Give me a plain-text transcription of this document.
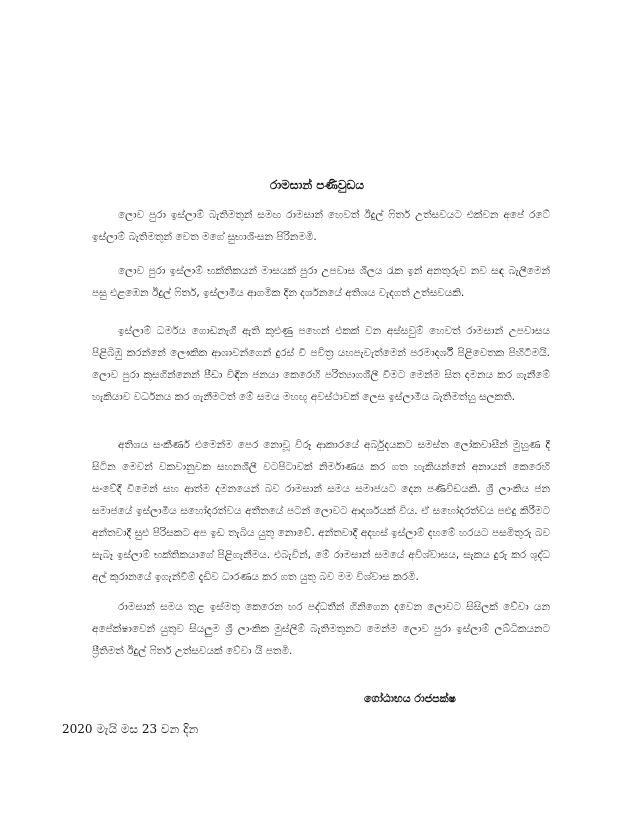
රාමසාන් පණිවුඩය

ලොව පුරා ඉස්ලාම් බැතිමතුන් සමඟ රාමසාන් හෙවත් ඊදුල් ෆිතර් උත්සවයට එක්වන අපේ රටේ ඉස්ලාම් බැතිමතුන් වෙත මගේ සුභාශිංසන පිරිනමමි.

ලොව පුරා ඉස්ලාම් භක්තිකයන් මාසයක් පුරා උපවාස ශීලය රැක ඉන් අනතුරුව නව සඳ බැලීමෙන් පසු එළඹෙන ඊදුල් ෆිතර්, ඉස්ලාමීය ආගමික දින දර්ශනයේ අතිශය වැදගත් උත්සවයකි.

ඉස්ලාම් ධර්මය ගොඩනැගී ඇති කුළුණු පහෙන් එකක් වන අස්සවුම් හෙවත් රාමසාන් උපවාසය පිළිබිඹු කරන්නේ ලෞකික ආශාවන්ගෙන් දුරස් වී පවිත්‍ර යහපැවැත්මෙන් පරමාදර්ශී පිළිවෙතක පිහිටීමයි. ලොව පුරා කුසගින්නෙන් පීඩා විඳින ජනයා කෙරෙහි පරිත්‍යාගශීලී වීමට මෙන්ම සිත දමනය කර ගැනීමේ හැකියාව වර්ධනය කර ගැනීමටත් මේ සමය මහඟු අවස්ථාවක් ලෙස ඉස්ලාමීය බැතිමත්හු සලකති.

අතිශය සංකීර්ණ එමෙන්ම පෙර නොවූ විරූ ආකාරයේ අර්බුදයකට සමස්ත ලෝකවාසීන් මුහුණ දී සිටින මෙවන් වකවානුවක සහනශීලී වටපිටාවක් නිර්මාණය කර ගත හැකියන්නේ අනායන් කෙරෙහි සංවේදී වීමෙන් සහ ආත්ම දමනයෙන් බව රාමසාන් සමය සමාජයට දෙන පණිවිඩයකි. ශ්‍රී ලාංකිය ජන සමාජයේ ඉස්ලාමීය සහෝදරත්වය අතීතයේ පටන් ලොවට ආදර්ශයක් විය. ඒ සහෝදරත්වය පළුදු කිරීමට අන්තවාදී සුළු පිරිසකට අප ඉඩ තැබිය යුතු නොවේ. අන්තවාදී අදහස් ඉස්ලාම් දහමේ හරයට පසමිතුරු බව සැබෑ ඉස්ලාම් භක්තිකයාගේ පිළිගැනීමය. එබැවින්, මේ රාමසාන් සමයේ අවිශ්වාසය, සැකය දුරු කර ශුද්ධ අල් කුරානයේ ඉගැන්වීම් දැඩිව ධාරණය කර ගත යුතු බව මම විශ්වාස කරමි.

රාමසාන් සමය තුළ ඉස්මතු කෙරෙන හර පද්ධතීන් ගිනිගෙන දවෙන ලොවට සිසිලක් වේවා යන අපේක්ෂාවෙන් යුතුව සියලුම ශ්‍රී ලාංකික මුස්ලිම් බැතිමතුනට මෙන්ම ලොව පුරා ඉස්ලාම් ලබ්ධිකයනට ප්‍රීතිමත් ඊදුල් ෆිතර් උත්සවයක් වේවා යි පතමි.

ගෝඨාභය රාජපක්ෂ
2020 මැයි මස 23 වන දින
